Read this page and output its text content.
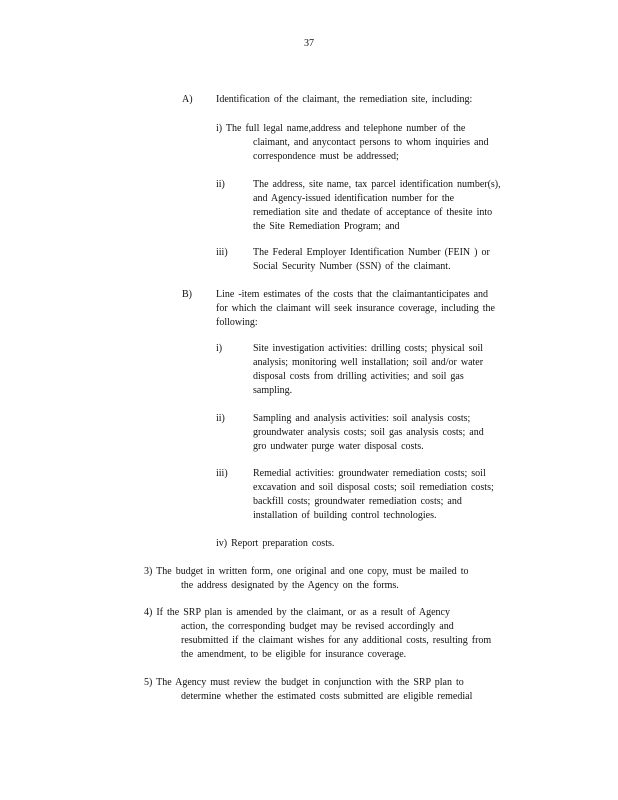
37
A) Identification of the claimant, the remediation site, including:
i) The full legal name,address and telephone number of the
claimant, and anycontact persons to whom inquiries and
correspondence must be addressed;
ii)	The address, site name, tax parcel identification number(s),
and Agency-issued identification number for the
remediation site and thedate of acceptance of thesite into
the Site Remediation Program; and
iii)	The Federal Employer Identification Number (FEIN ) or
Social Security Number (SSN) of the claimant.
B) Line -item estimates of the costs that the claimantanticipates and
for which the claimant will seek insurance coverage, including the
following:
i)	Site investigation activities: drilling costs; physical soil
analysis; monitoring well installation; soil and/or water
disposal costs from drilling activities; and soil gas
sampling.
ii)	Sampling and analysis activities: soil analysis costs;
groundwater analysis costs; soil gas analysis costs; and
gro undwater purge water disposal costs.
iii)	Remedial activities: groundwater remediation costs; soil
excavation and soil disposal costs; soil remediation costs;
backfill costs; groundwater remediation costs; and
installation of building control technologies.
iv) Report preparation costs.
3) The budget in written form, one original and one copy, must be mailed to
the address designated by the Agency on the forms.
4) If the SRP plan is amended by the claimant, or as a result of Agency
action, the corresponding budget may be revised accordingly and
resubmitted if the claimant wishes for any additional costs, resulting from
the amendment, to be eligible for insurance coverage.
5) The Agency must review the budget in conjunction with the SRP plan to
determine whether the estimated costs submitted are eligible remedial
